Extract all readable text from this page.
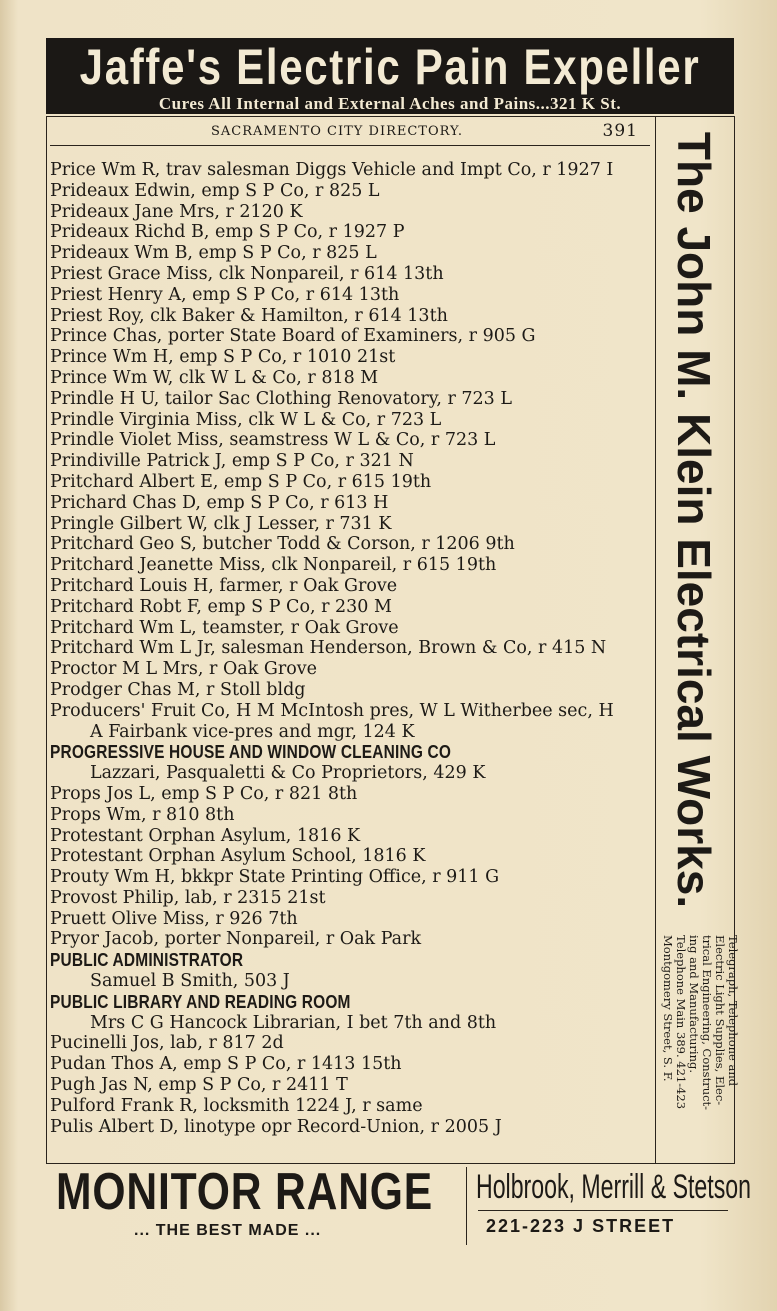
Jaffe's Electric Pain Expeller
Cures All Internal and External Aches and Pains...321 K St.
SACRAMENTO CITY DIRECTORY.	391
Price Wm R, trav salesman Diggs Vehicle and Impt Co, r 1927 I
Prideaux Edwin, emp S P Co, r 825 L
Prideaux Jane Mrs, r 2120 K
Prideaux Richd B, emp S P Co, r 1927 P
Prideaux Wm B, emp S P Co, r 825 L
Priest Grace Miss, clk Nonpareil, r 614 13th
Priest Henry A, emp S P Co, r 614 13th
Priest Roy, clk Baker & Hamilton, r 614 13th
Prince Chas, porter State Board of Examiners, r 905 G
Prince Wm H, emp S P Co, r 1010 21st
Prince Wm W, clk W L & Co, r 818 M
Prindle H U, tailor Sac Clothing Renovatory, r 723 L
Prindle Virginia Miss, clk W L & Co, r 723 L
Prindle Violet Miss, seamstress W L & Co, r 723 L
Prindiville Patrick J, emp S P Co, r 321 N
Pritchard Albert E, emp S P Co, r 615 19th
Prichard Chas D, emp S P Co, r 613 H
Pringle Gilbert W, clk J Lesser, r 731 K
Pritchard Geo S, butcher Todd & Corson, r 1206 9th
Pritchard Jeanette Miss, clk Nonpareil, r 615 19th
Pritchard Louis H, farmer, r Oak Grove
Pritchard Robt F, emp S P Co, r 230 M
Pritchard Wm L, teamster, r Oak Grove
Pritchard Wm L Jr, salesman Henderson, Brown & Co, r 415 N
Proctor M L Mrs, r Oak Grove
Prodger Chas M, r Stoll bldg
Producers' Fruit Co, H M McIntosh pres, W L Witherbee sec, H
A Fairbank vice-pres and mgr, 124 K
PROGRESSIVE HOUSE AND WINDOW CLEANING CO
Lazzari, Pasqualetti & Co Proprietors, 429 K
Props Jos L, emp S P Co, r 821 8th
Props Wm, r 810 8th
Protestant Orphan Asylum, 1816 K
Protestant Orphan Asylum School, 1816 K
Prouty Wm H, bkkpr State Printing Office, r 911 G
Provost Philip, lab, r 2315 21st
Pruett Olive Miss, r 926 7th
Pryor Jacob, porter Nonpareil, r Oak Park
PUBLIC ADMINISTRATOR
Samuel B Smith, 503 J
PUBLIC LIBRARY AND READING ROOM
Mrs C G Hancock Librarian, I bet 7th and 8th
Pucinelli Jos, lab, r 817 2d
Pudan Thos A, emp S P Co, r 1413 15th
Pugh Jas N, emp S P Co, r 2411 T
Pulford Frank R, locksmith 1224 J, r same
Pulis Albert D, linotype opr Record-Union, r 2005 J
The John M. Klein Electrical Works.
Telegraph, Telephone and
Electric Light Supplies, Elec-
trical Engineering, Construct-
ing and Manufacturing.
Telephone Main 389. 421-423
Montgomery Street, S. F.
MONITOR RANGE
... THE BEST MADE ...
Holbrook, Merrill & Stetson
221-223 J STREET
